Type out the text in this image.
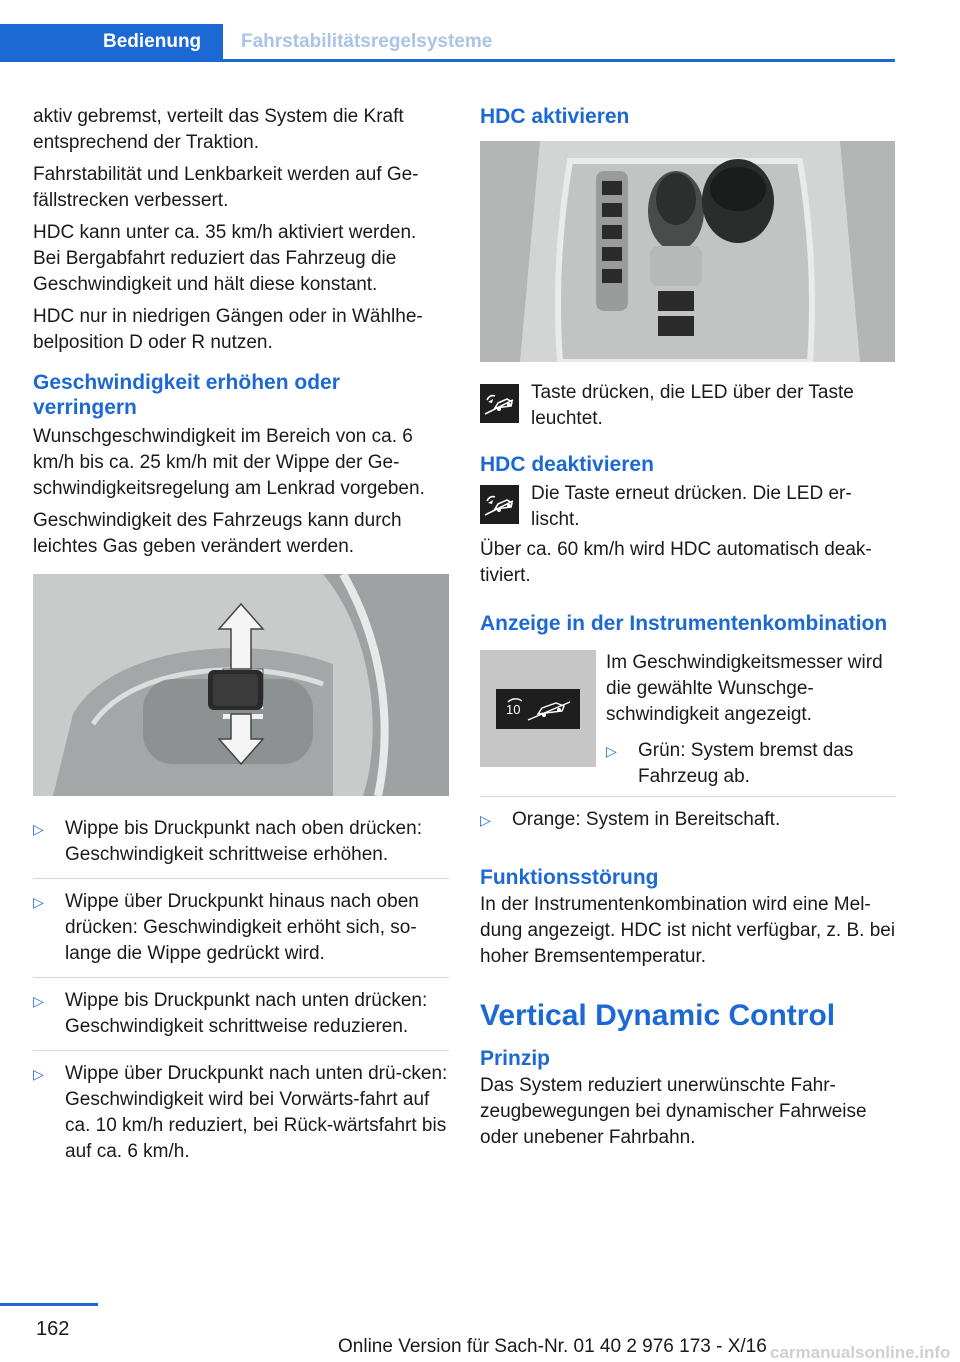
Bedienung	Fahrstabilitätsregelsysteme

aktiv gebremst, verteilt das System die Kraft entsprechend der Traktion.

Fahrstabilität und Lenkbarkeit werden auf Ge‐fällstrecken verbessert.

HDC kann unter ca. 35 km/h aktiviert werden. Bei Bergabfahrt reduziert das Fahrzeug die Geschwindigkeit und hält diese konstant.

HDC nur in niedrigen Gängen oder in Wählhe‐belposition D oder R nutzen.

Geschwindigkeit erhöhen oder verringern

Wunschgeschwindigkeit im Bereich von ca. 6 km/h bis ca. 25 km/h mit der Wippe der Ge‐schwindigkeitsregelung am Lenkrad vorgeben.

Geschwindigkeit des Fahrzeugs kann durch leichtes Gas geben verändert werden.

▷ Wippe bis Druckpunkt nach oben drücken: Geschwindigkeit schrittweise erhöhen.
▷ Wippe über Druckpunkt hinaus nach oben drücken: Geschwindigkeit erhöht sich, so‐lange die Wippe gedrückt wird.
▷ Wippe bis Druckpunkt nach unten drücken: Geschwindigkeit schrittweise reduzieren.
▷ Wippe über Druckpunkt nach unten drü‐cken: Geschwindigkeit wird bei Vorwärts‐fahrt auf ca. 10 km/h reduziert, bei Rück‐wärtsfahrt bis auf ca. 6 km/h.
HDC aktivieren
Taste drücken, die LED über der Taste leuchtet.
HDC deaktivieren
Die Taste erneut drücken. Die LED er‐lischt.

Über ca. 60 km/h wird HDC automatisch deak‐tiviert.

Anzeige in der Instrumentenkombination
10
Im Geschwindigkeitsmesser wird die gewählte Wunschge‐schwindigkeit angezeigt.
▷ Grün: System bremst das Fahrzeug ab.
▷ Orange: System in Bereitschaft.
Funktionsstörung

In der Instrumentenkombination wird eine Mel‐dung angezeigt. HDC ist nicht verfügbar, z. B. bei hoher Bremsentemperatur.

Vertical Dynamic Control
Prinzip

Das System reduziert unerwünschte Fahr‐zeugbewegungen bei dynamischer Fahrweise oder unebener Fahrbahn.

162
Online Version für Sach-Nr. 01 40 2 976 173 - X/16 carmanualsonline.info
